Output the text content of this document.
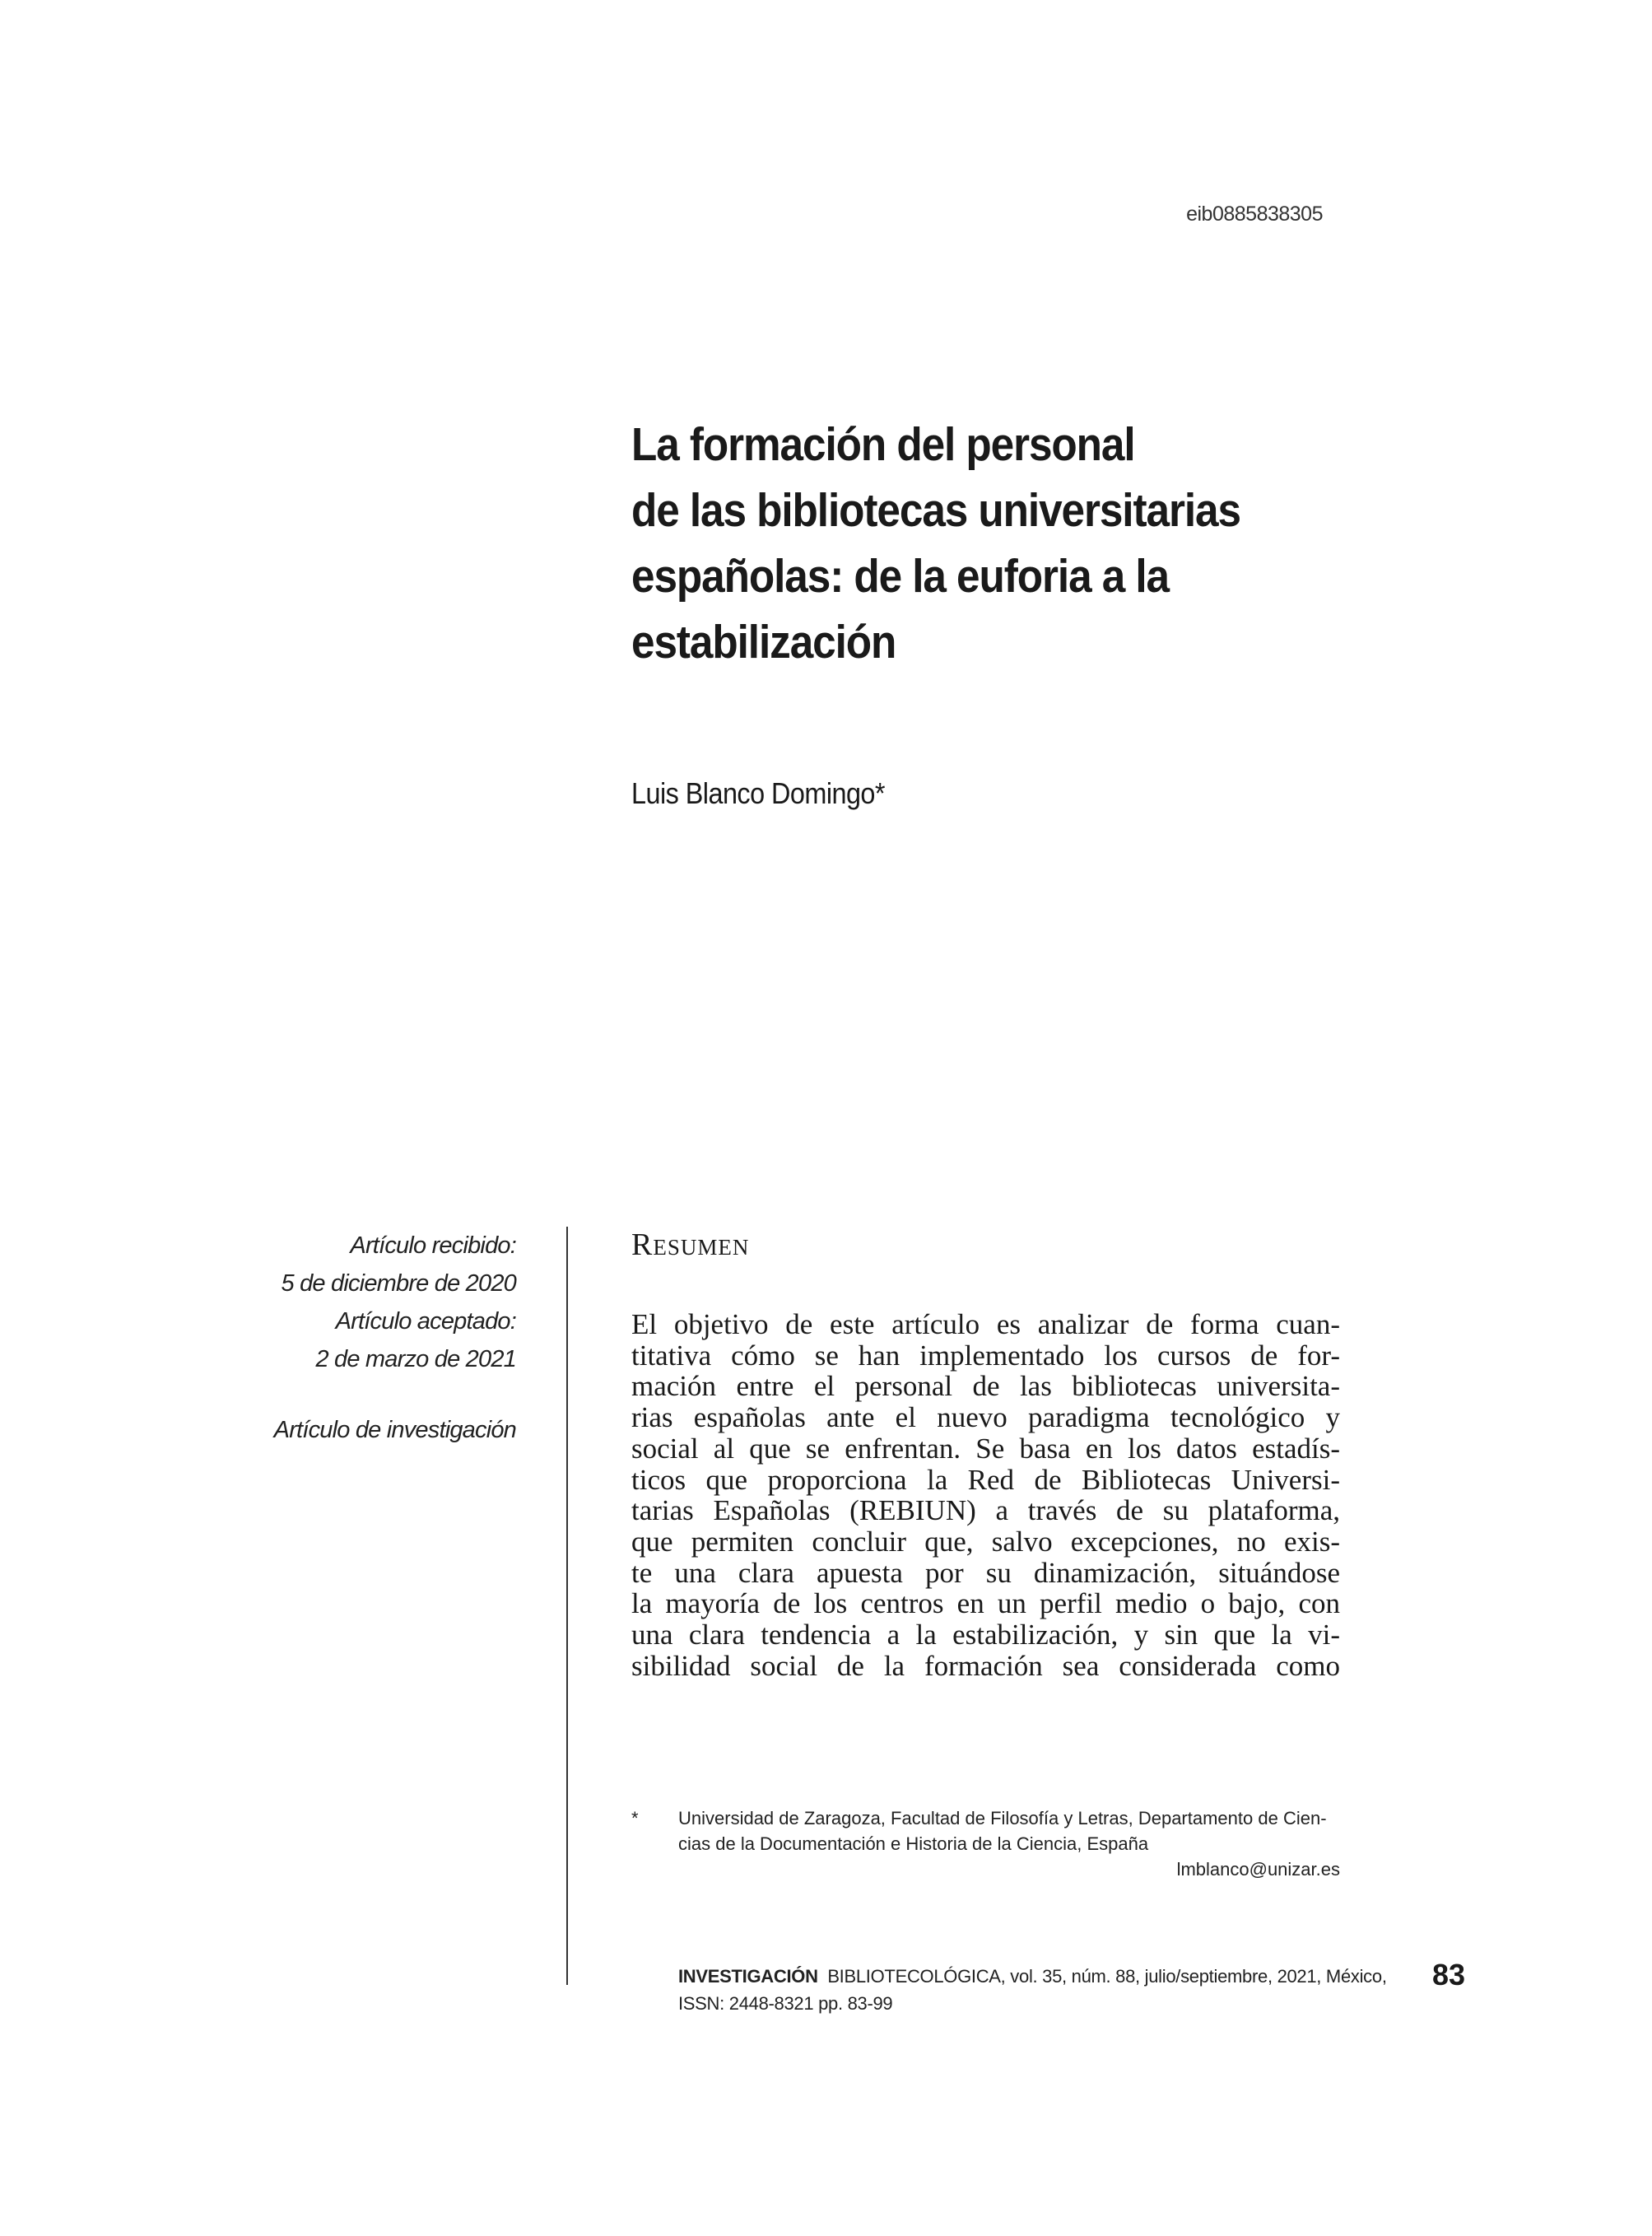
eib0885838305
La formación del personal
de las bibliotecas universitarias
españolas: de la euforia a la
estabilización
Luis Blanco Domingo*
Artículo recibido:
5 de diciembre de 2020
Artículo aceptado:
2 de marzo de 2021
Artículo de investigación
Resumen
El objetivo de este artículo es analizar de forma cuan-
titativa cómo se han implementado los cursos de for-
mación entre el personal de las bibliotecas universita-
rias españolas ante el nuevo paradigma tecnológico y
social al que se enfrentan. Se basa en los datos estadís-
ticos que proporciona la Red de Bibliotecas Universi-
tarias Españolas (REBIUN) a través de su plataforma,
que permiten concluir que, salvo excepciones, no exis-
te una clara apuesta por su dinamización, situándose
la mayoría de los centros en un perfil medio o bajo, con
una clara tendencia a la estabilización, y sin que la vi-
sibilidad social de la formación sea considerada como
* Universidad de Zaragoza, Facultad de Filosofía y Letras, Departamento de Cien-
cias de la Documentación e Historia de la Ciencia, España
lmblanco@unizar.es
INVESTIGACIÓN BIBLIOTECOLÓGICA, vol. 35, núm. 88, julio/septiembre, 2021, México,
ISSN: 2448-8321 pp. 83-99
83
